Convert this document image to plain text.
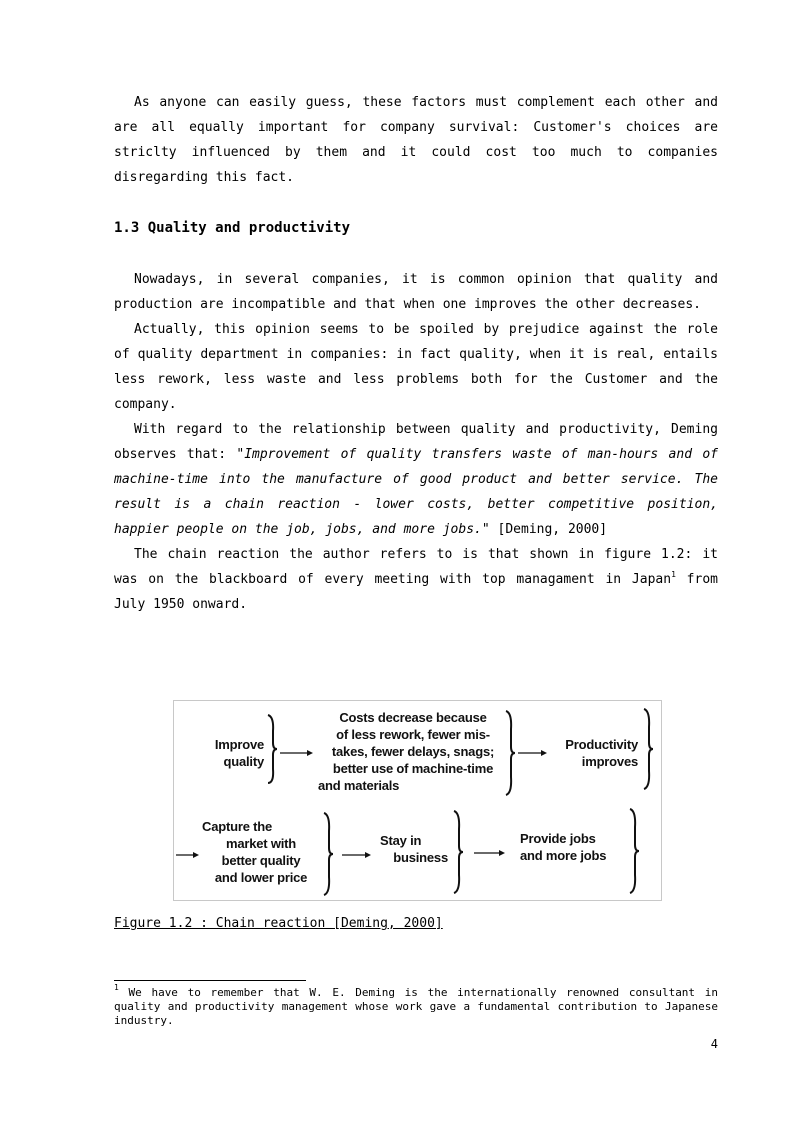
As anyone can easily guess, these factors must complement each other and are all equally important for company survival: Customer's choices are striclty influenced by them and it could cost too much to companies disregarding this fact.

1.3 Quality and productivity

Nowadays, in several companies, it is common opinion that quality and production are incompatible and that when one improves the other decreases.

Actually, this opinion seems to be spoiled by prejudice against the role of quality department in companies: in fact quality, when it is real, entails less rework, less waste and less problems both for the Customer and the company.

With regard to the relationship between quality and productivity, Deming observes that: "Improvement of quality transfers waste of man-hours and of machine-time into the manufacture of good product and better service. The result is a chain reaction - lower costs, better competitive position, happier people on the job, jobs, and more jobs." [Deming, 2000]

The chain reaction the author refers to is that shown in figure 1.2: it was on the blackboard of every meeting with top managament in Japan$^1$ from July 1950 onward.

Improve
quality
Costs decrease because
of less rework, fewer mis-
takes, fewer delays, snags;
better use of machine-time
and materials
Productivity
improves
Capture the
market with
better quality
and lower price
Stay in
business
Provide jobs
and more jobs
Figure 1.2 : Chain reaction [Deming, 2000]

$^1$ We have to remember that W. E. Deming is the internationally renowned consultant in quality and productivity management whose work gave a fundamental contribution to Japanese industry.

4
